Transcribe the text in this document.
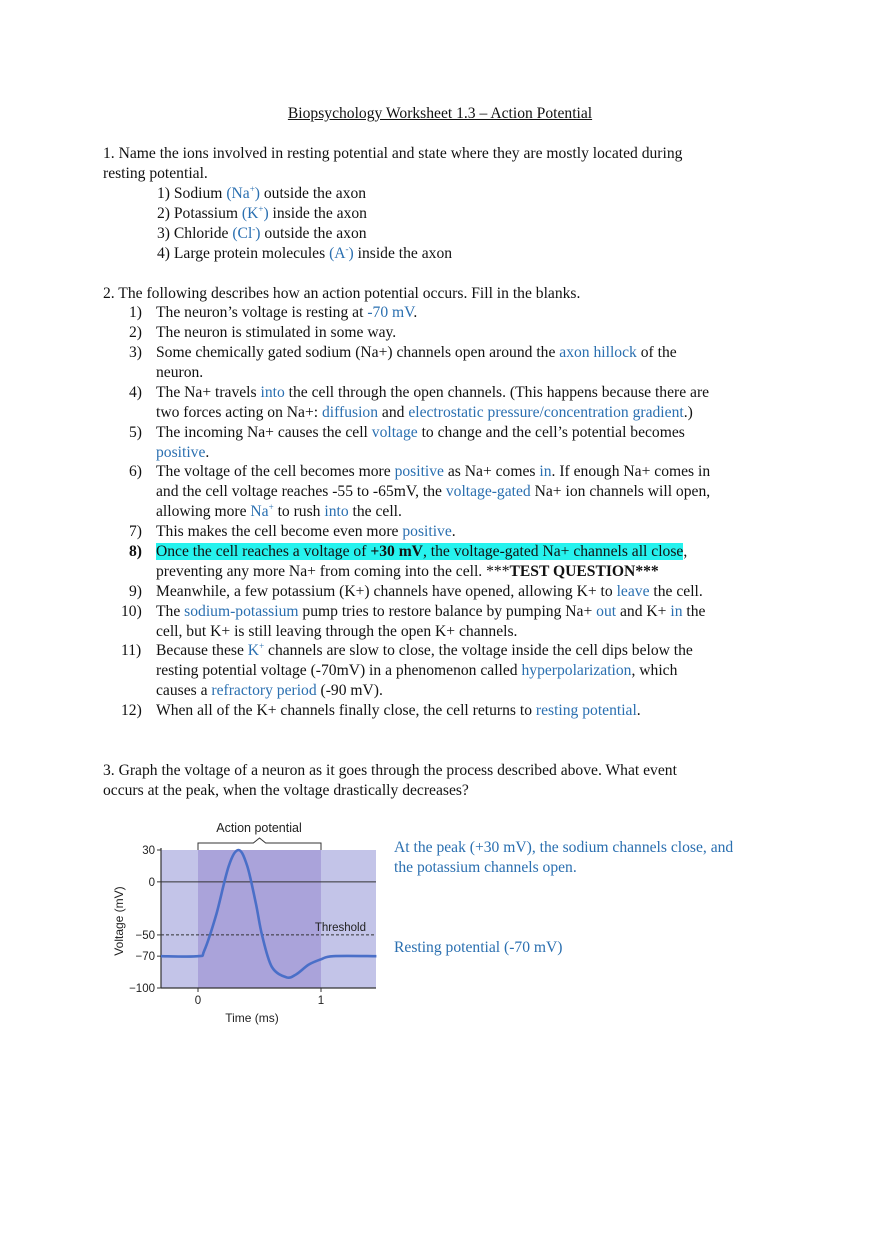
Biopsychology Worksheet 1.3 – Action Potential
1. Name the ions involved in resting potential and state where they are mostly located during
resting potential.
1) Sodium (Na+) outside the axon
2) Potassium (K+) inside the axon
3) Chloride (Cl-) outside the axon
4) Large protein molecules (A-) inside the axon
2. The following describes how an action potential occurs. Fill in the blanks.
1) The neuron’s voltage is resting at -70 mV.
2) The neuron is stimulated in some way.
3) Some chemically gated sodium (Na+) channels open around the axon hillock of the
neuron.
4) The Na+ travels into the cell through the open channels. (This happens because there are
two forces acting on Na+: diffusion and electrostatic pressure/concentration gradient.)
5) The incoming Na+ causes the cell voltage to change and the cell’s potential becomes
positive.
6) The voltage of the cell becomes more positive as Na+ comes in. If enough Na+ comes in
and the cell voltage reaches -55 to -65mV, the voltage-gated Na+ ion channels will open,
allowing more Na+ to rush into the cell.
7) This makes the cell become even more positive.
8) Once the cell reaches a voltage of +30 mV, the voltage-gated Na+ channels all close,
preventing any more Na+ from coming into the cell. ***TEST QUESTION***
9) Meanwhile, a few potassium (K+) channels have opened, allowing K+ to leave the cell.
10) The sodium-potassium pump tries to restore balance by pumping Na+ out and K+ in the
cell, but K+ is still leaving through the open K+ channels.
11) Because these K+ channels are slow to close, the voltage inside the cell dips below the
resting potential voltage (-70mV) in a phenomenon called hyperpolarization, which
causes a refractory period (-90 mV).
12) When all of the K+ channels finally close, the cell returns to resting potential.
3. Graph the voltage of a neuron as it goes through the process described above. What event
occurs at the peak, when the voltage drastically decreases?
At the peak (+30 mV), the sodium channels close, and
the potassium channels open.
Resting potential (-70 mV)
Threshold
30
0
−50
−70
−100
0	1
Time (ms)
Voltage (mV)
Action potential
